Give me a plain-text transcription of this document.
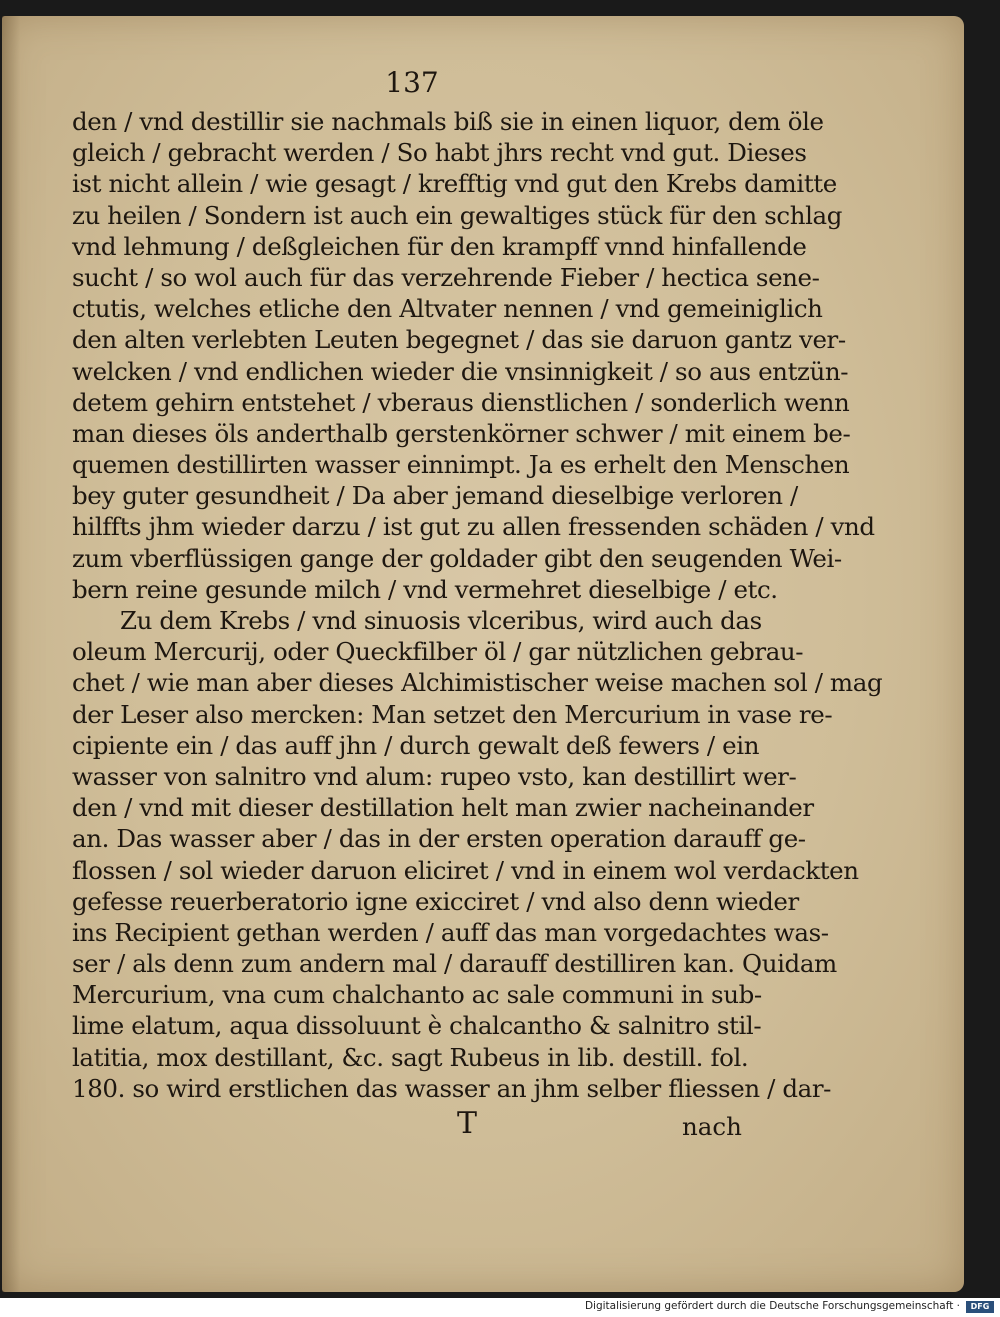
137
den / vnd destillir sie nachmals biß sie in einen liquor, dem öle
gleich / gebracht werden / So habt jhrs recht vnd gut. Dieses
ist nicht allein / wie gesagt / krefftig vnd gut den Krebs damitte
zu heilen / Sondern ist auch ein gewaltiges stück für den schlag
vnd lehmung / deßgleichen für den krampff vnnd hinfallende
sucht / so wol auch für das verzehrende Fieber / hectica sene-
ctutis, welches etliche den Altvater nennen / vnd gemeiniglich
den alten verlebten Leuten begegnet / das sie daruon gantz ver-
welcken / vnd endlichen wieder die vnsinnigkeit / so aus entzün-
detem gehirn entstehet / vberaus dienstlichen / sonderlich wenn
man dieses öls anderthalb gerstenkörner schwer / mit einem be-
quemen destillirten wasser einnimpt. Ja es erhelt den Menschen
bey guter gesundheit / Da aber jemand dieselbige verloren /
hilffts jhm wieder darzu / ist gut zu allen fressenden schäden / vnd
zum vberflüssigen gange der goldader gibt den seugenden Wei-
bern reine gesunde milch / vnd vermehret dieselbige / etc.
Zu dem Krebs / vnd sinuosis vlceribus, wird auch das
oleum Mercurij, oder Queckfilber öl / gar nützlichen gebrau-
chet / wie man aber dieses Alchimistischer weise machen sol / mag
der Leser also mercken: Man setzet den Mercurium in vase re-
cipiente ein / das auff jhn / durch gewalt deß fewers / ein
wasser von salnitro vnd alum: rupeo vsto, kan destillirt wer-
den / vnd mit dieser destillation helt man zwier nacheinander
an. Das wasser aber / das in der ersten operation darauff ge-
flossen / sol wieder daruon eliciret / vnd in einem wol verdackten
gefesse reuerberatorio igne exicciret / vnd also denn wieder
ins Recipient gethan werden / auff das man vorgedachtes was-
ser / als denn zum andern mal / darauff destilliren kan. Quidam
Mercurium, vna cum chalchanto ac sale communi in sub-
lime elatum, aqua dissoluunt è chalcantho & salnitro stil-
latitia, mox destillant, &c. sagt Rubeus in lib. destill. fol.
180. so wird erstlichen das wasser an jhm selber fliessen / dar-
T	nach
Digitalisierung gefördert durch die Deutsche Forschungsgemeinschaft ·	DFG
